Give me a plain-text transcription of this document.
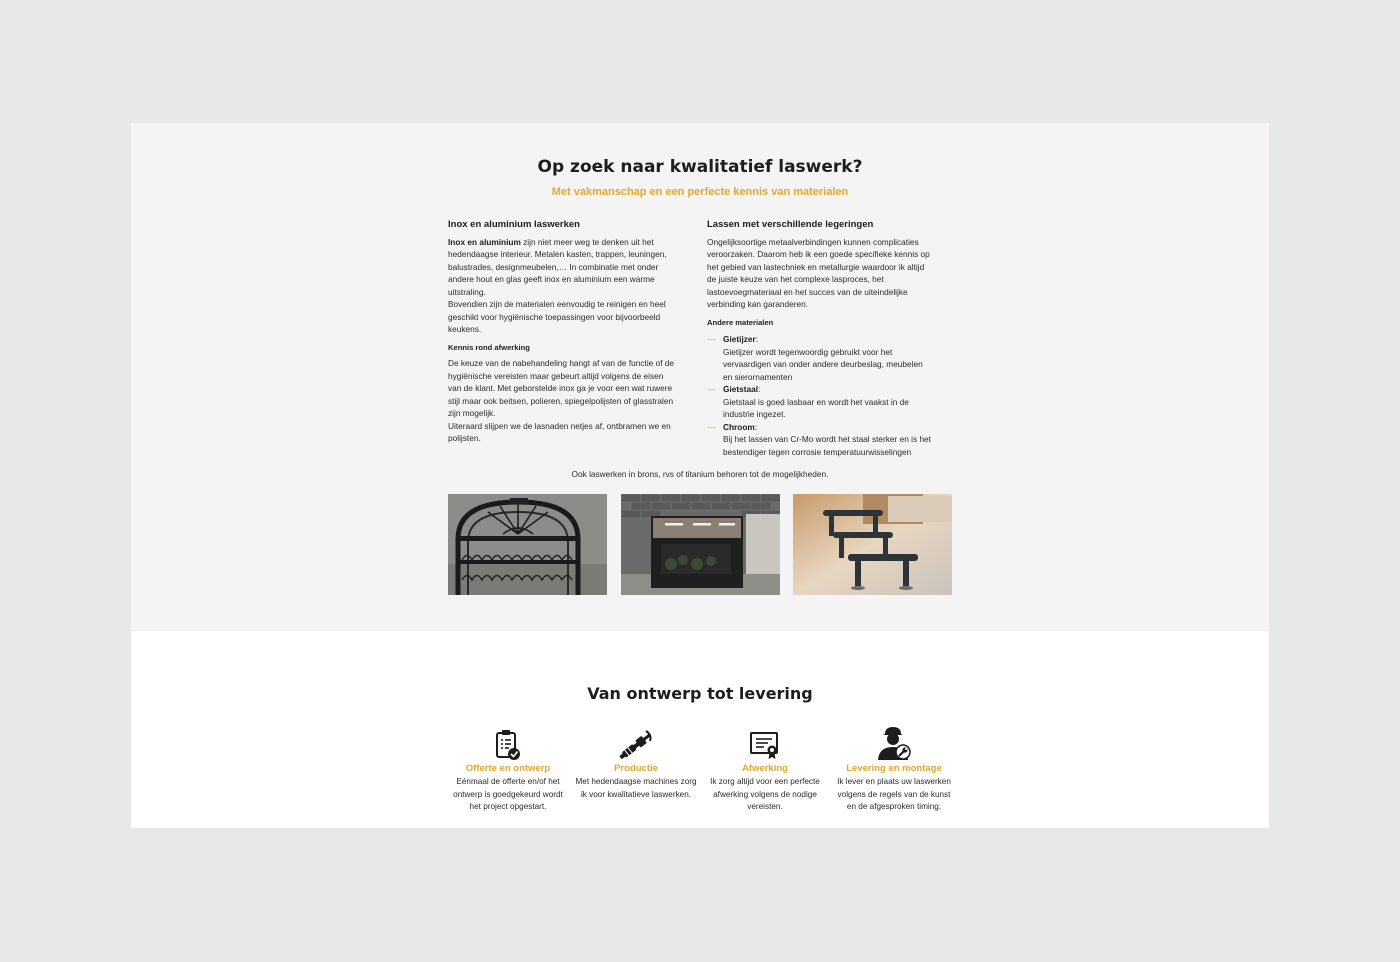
Op zoek naar kwalitatief laswerk?
Met vakmanschap en een perfecte kennis van materialen
Inox en aluminium laswerken

Inox en aluminium zijn niet meer weg te denken uit het hedendaagse interieur. Metalen kasten, trappen, leuningen, balustrades, designmeubelen,… In combinatie met onder andere hout en glas geeft inox en aluminium een warme uitstraling.

Bovendien zijn de materialen eenvoudig te reinigen en heel geschikt voor hygiënische toepassingen voor bijvoorbeeld keukens.

Kennis rond afwerking

De keuze van de nabehandeling hangt af van de functie of de hygiënische vereisten maar gebeurt altijd volgens de eisen van de klant. Met geborstelde inox ga je voor een wat ruwere stijl maar ook beitsen, polieren, spiegelpolijsten of glasstralen zijn mogelijk.

Uiteraard slijpen we de lasnaden netjes af, ontbramen we en polijsten.

Lassen met verschillende legeringen

Ongelijksoortige metaalverbindingen kunnen complicaties veroorzaken. Daarom heb ik een goede specifieke kennis op het gebied van lastechniek en metallurgie waardoor ik altijd de juiste keuze van het complexe lasproces, het lastoevoegmateriaal en het succes van de uiteindelijke verbinding kan garanderen.

Andere materialen
— Gietijzer:
Gietijzer wordt tegenwoordig gebruikt voor het vervaardigen van onder andere deurbeslag, meubelen en sierornamenten
— Gietstaal:
Gietstaal is goed lasbaar en wordt het vaakst in de industrie ingezet.
— Chroom:
Bij het lassen van Cr-Mo wordt het staal sterker en is het bestendiger tegen corrosie temperatuurwisselingen
Ook laswerken in brons, rvs of titanium behoren tot de mogelijkheden.
Van ontwerp tot levering
Offerte en ontwerp
Eénmaal de offerte en/of het ontwerp is goedgekeurd wordt het project opgestart.
Productie
Met hedendaagse machines zorg ik voor kwalitatieve laswerken.
Afwerking
Ik zorg altijd voor een perfecte afwerking volgens de nodige vereisten.
Levering en montage
Ik lever en plaats uw laswerken volgens de regels van de kunst en de afgesproken timing.
